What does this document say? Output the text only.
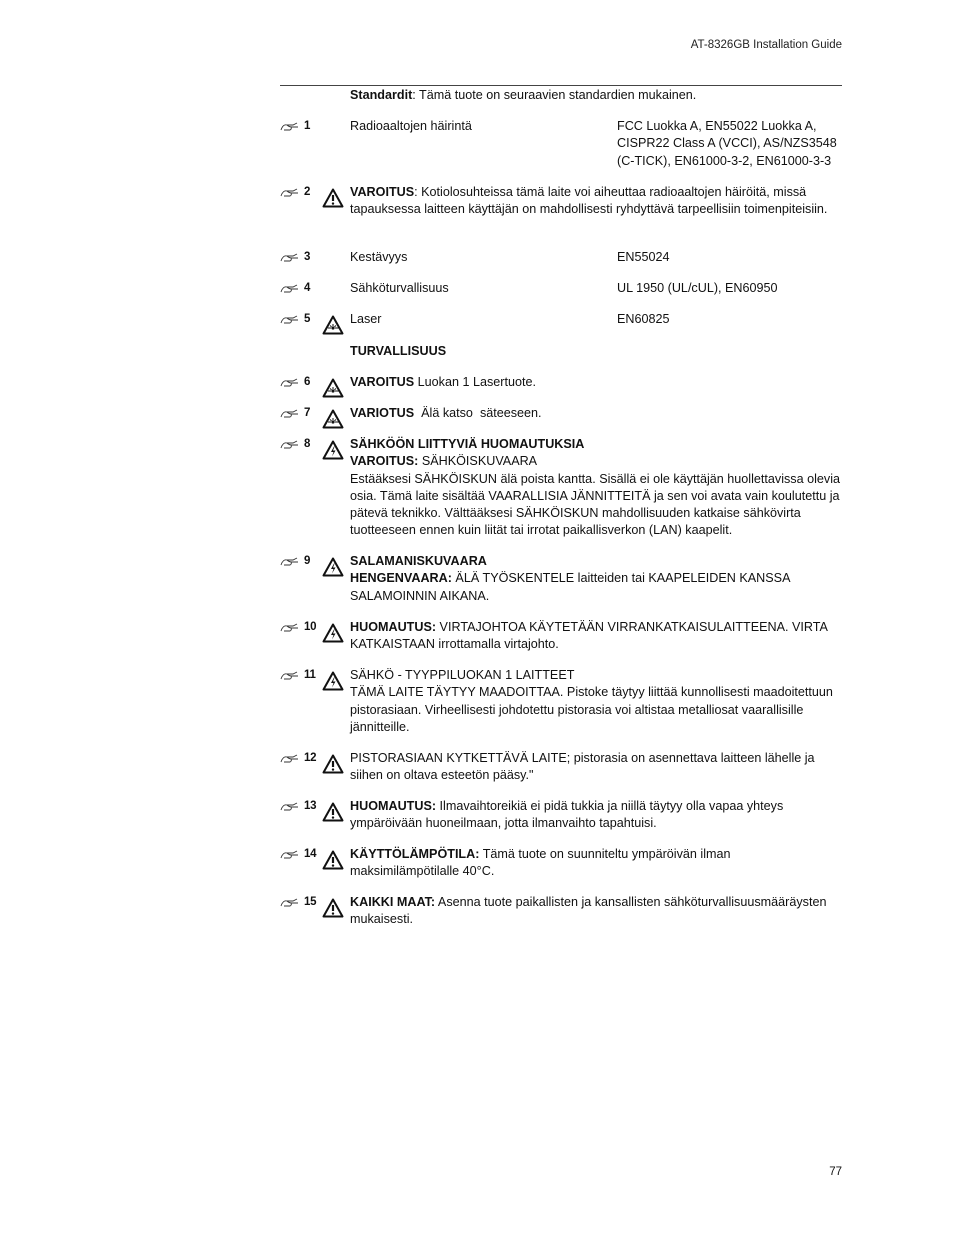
AT-8326GB Installation Guide
Standardit: Tämä tuote on seuraavien standardien mukainen.
1	Radioaaltojen häirintä	FCC Luokka A, EN55022 Luokka A, CISPR22 Class A (VCCI), AS/NZS3548 (C-TICK), EN61000-3-2, EN61000-3-3
2	VAROITUS: Kotiolosuhteissa tämä laite voi aiheuttaa radioaaltojen häiröitä, missä tapauksessa laitteen käyttäjän on mahdollisesti ryhdyttävä tarpeellisiin toimenpiteisiin.
3	Kestävyys	EN55024
4	Sähköturvallisuus	UL 1950 (UL/cUL), EN60950
5	Laser	EN60825
TURVALLISUUS
6	VAROITUS Luokan 1 Lasertuote.
7	VARIOTUS  Älä katso  säteeseen.
8	SÄHKÖÖN LIITTYVIÄ HUOMAUTUKSIA
VAROITUS: SÄHKÖISKUVAARA
Estääksesi SÄHKÖISKUN älä poista kantta. Sisällä ei ole käyttäjän huollettavissa olevia osia. Tämä laite sisältää VAARALLISIA JÄNNITTEITÄ ja sen voi avata vain koulutettu ja pätevä teknikko. Välttääksesi SÄHKÖISKUN mahdollisuuden katkaise sähkövirta tuotteeseen ennen kuin liität tai irrotat paikallisverkon (LAN) kaapelit.
9	SALAMANISKUVAARA
HENGENVAARA: ÄLÄ TYÖSKENTELE laitteiden tai KAAPELEIDEN KANSSA SALAMOINNIN AIKANA.
10	HUOMAUTUS: VIRTAJOHTOA KÄYTETÄÄN VIRRANKATKAISULAITTEENA. VIRTA KATKAISTAAN irrottamalla virtajohto.
11	SÄHKÖ - TYYPPILUOKAN 1 LAITTEET
TÄMÄ LAITE TÄYTYY MAADOITTAA. Pistoke täytyy liittää kunnollisesti maadoitettuun pistorasiaan. Virheellisesti johdotettu pistorasia voi altistaa metalliosat vaarallisille jännitteille.
12	PISTORASIAAN KYTKETTÄVÄ LAITE; pistorasia on asennettava laitteen lähelle ja siihen on oltava esteetön pääsy."
13	HUOMAUTUS: Ilmavaihtoreikiä ei pidä tukkia ja niillä täytyy olla vapaa yhteys ympäröivään huoneilmaan, jotta ilmanvaihto tapahtuisi.
14	KÄYTTÖLÄMPÖTILA: Tämä tuote on suunniteltu ympäröivän ilman maksimilämpötilalle 40°C.
15	KAIKKI MAAT: Asenna tuote paikallisten ja kansallisten sähköturvallisuusmääräysten mukaisesti.
77
